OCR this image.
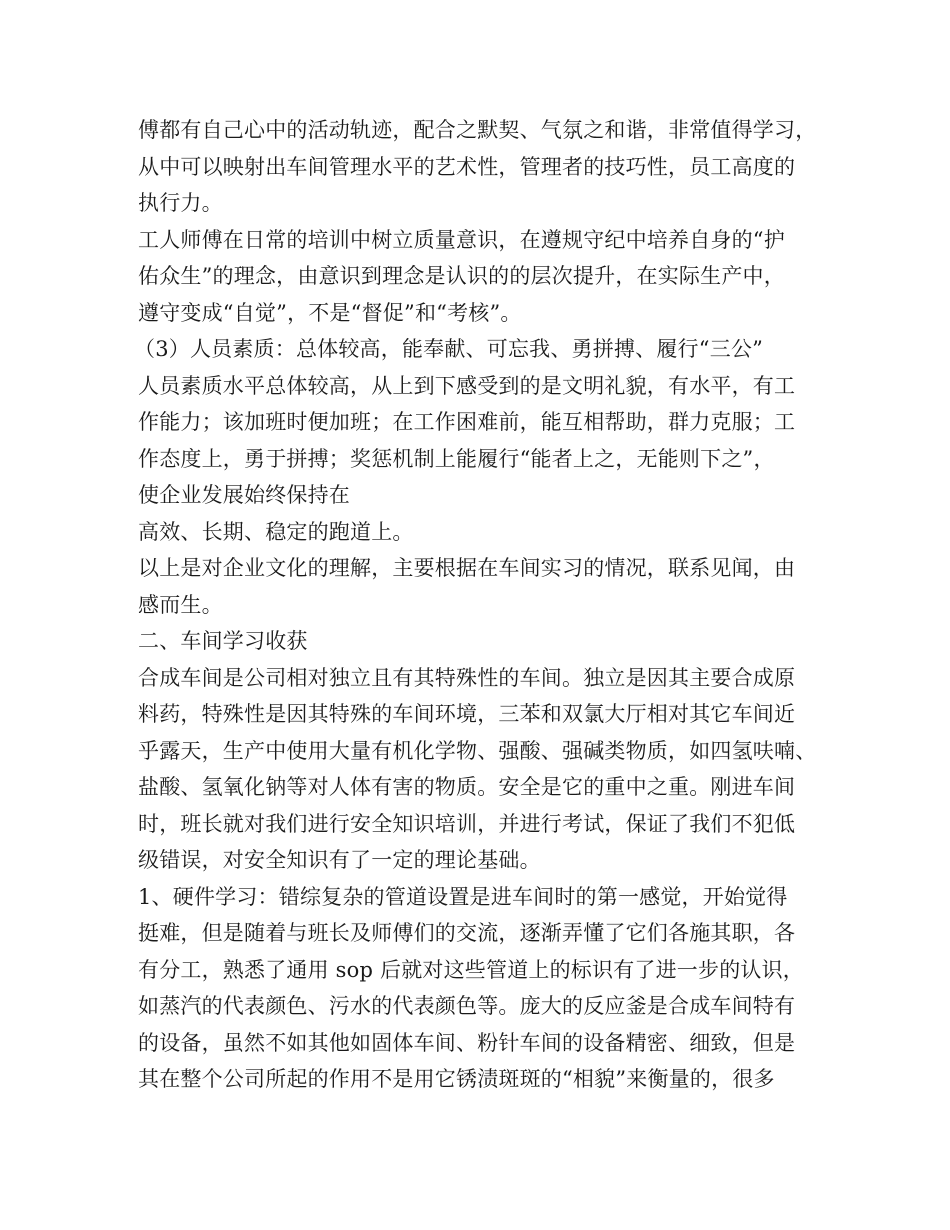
傅都有自己心中的活动轨迹，配合之默契、气氛之和谐，非常值得学习，
从中可以映射出车间管理水平的艺术性，管理者的技巧性，员工高度的
执行力。
工人师傅在日常的培训中树立质量意识，在遵规守纪中培养自身的“护
佑众生”的理念，由意识到理念是认识的的层次提升，在实际生产中，
遵守变成“自觉”，不是“督促”和“考核”。
（3）人员素质：总体较高，能奉献、可忘我、勇拼搏、履行“三公”
人员素质水平总体较高，从上到下感受到的是文明礼貌，有水平，有工
作能力；该加班时便加班；在工作困难前，能互相帮助，群力克服；工
作态度上，勇于拼搏；奖惩机制上能履行“能者上之，无能则下之”，
使企业发展始终保持在
高效、长期、稳定的跑道上。
以上是对企业文化的理解，主要根据在车间实习的情况，联系见闻，由
感而生。
二、车间学习收获
合成车间是公司相对独立且有其特殊性的车间。独立是因其主要合成原
料药，特殊性是因其特殊的车间环境，三苯和双氯大厅相对其它车间近
乎露天，生产中使用大量有机化学物、强酸、强碱类物质，如四氢呋喃、
盐酸、氢氧化钠等对人体有害的物质。安全是它的重中之重。刚进车间
时，班长就对我们进行安全知识培训，并进行考试，保证了我们不犯低
级错误，对安全知识有了一定的理论基础。
1、硬件学习：错综复杂的管道设置是进车间时的第一感觉，开始觉得
挺难，但是随着与班长及师傅们的交流，逐渐弄懂了它们各施其职，各
有分工，熟悉了通用 sop 后就对这些管道上的标识有了进一步的认识，
如蒸汽的代表颜色、污水的代表颜色等。庞大的反应釜是合成车间特有
的设备，虽然不如其他如固体车间、粉针车间的设备精密、细致，但是
其在整个公司所起的作用不是用它锈渍斑斑的“相貌”来衡量的，很多
